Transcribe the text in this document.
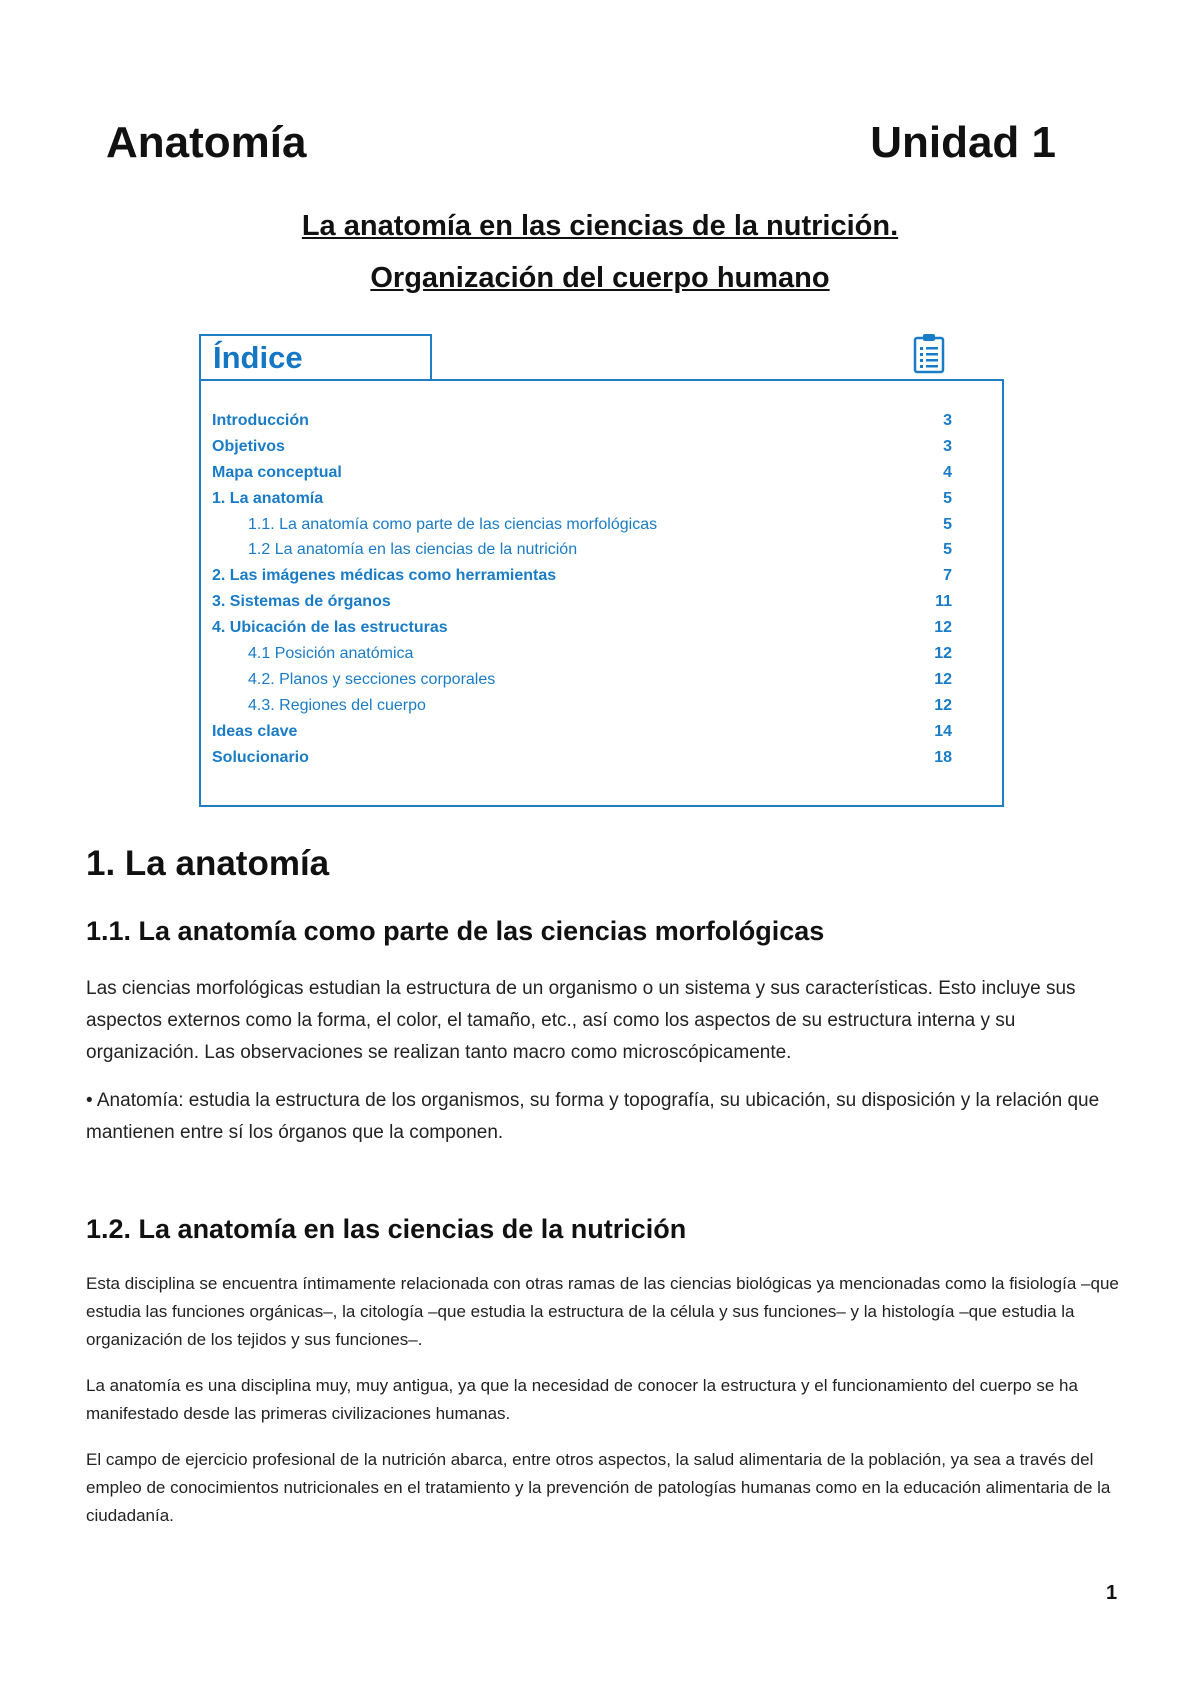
Anatomía	Unidad 1
La anatomía en las ciencias de la nutrición.
Organización del cuerpo humano
Índice
Introducción	3
Objetivos	3
Mapa conceptual	4
1. La anatomía	5
1.1. La anatomía como parte de las ciencias morfológicas	5
1.2 La anatomía en las ciencias de la nutrición	5
2. Las imágenes médicas como herramientas	7
3. Sistemas de órganos	11
4. Ubicación de las estructuras	12
4.1 Posición anatómica	12
4.2. Planos y secciones corporales	12
4.3. Regiones del cuerpo	12
Ideas clave	14
Solucionario	18
1. La anatomía
1.1. La anatomía como parte de las ciencias morfológicas
Las ciencias morfológicas estudian la estructura de un organismo o un sistema y sus características. Esto incluye sus aspectos externos como la forma, el color, el tamaño, etc., así como los aspectos de su estructura interna y su organización. Las observaciones se realizan tanto macro como microscópicamente.
• Anatomía: estudia la estructura de los organismos, su forma y topografía, su ubicación, su disposición y la relación que mantienen entre sí los órganos que la componen.
1.2. La anatomía en las ciencias de la nutrición
Esta disciplina se encuentra íntimamente relacionada con otras ramas de las ciencias biológicas ya mencionadas como la fisiología –que estudia las funciones orgánicas–, la citología –que estudia la estructura de la célula y sus funciones– y la histología –que estudia la organización de los tejidos y sus funciones–.
La anatomía es una disciplina muy, muy antigua, ya que la necesidad de conocer la estructura y el funcionamiento del cuerpo se ha manifestado desde las primeras civilizaciones humanas.
El campo de ejercicio profesional de la nutrición abarca, entre otros aspectos, la salud alimentaria de la población, ya sea a través del empleo de conocimientos nutricionales en el tratamiento y la prevención de patologías humanas como en la educación alimentaria de la ciudadanía.
1
